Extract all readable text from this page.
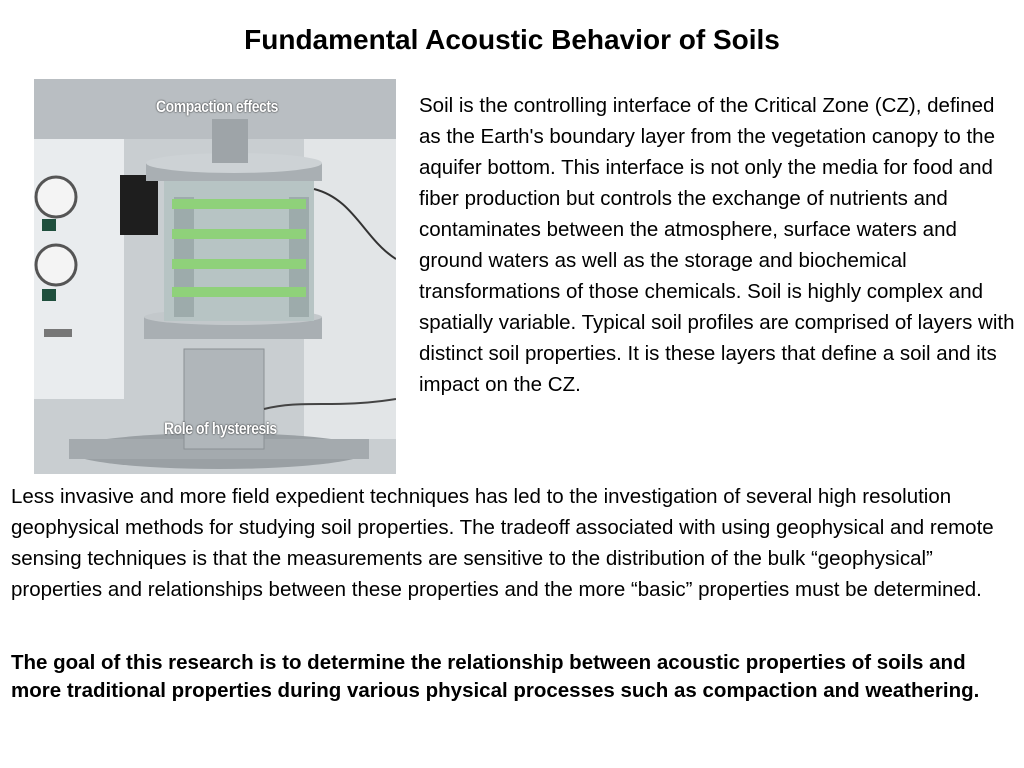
Fundamental Acoustic Behavior of Soils
Compaction effects
Role of hysteresis

Soil is the controlling interface of the Critical Zone (CZ), defined as the Earth's boundary layer from the vegetation canopy to the aquifer bottom. This interface is not only the media for food and fiber production but controls the exchange of nutrients and contaminates between the atmosphere, surface waters and ground waters as well as the storage and biochemical transformations of those chemicals. Soil is highly complex and spatially variable. Typical soil profiles are comprised of layers with distinct soil properties. It is these layers that define a soil and its impact on the CZ.

Less invasive and more field expedient techniques has led to the investigation of several high resolution geophysical methods for studying soil properties. The tradeoff associated with using geophysical and remote sensing techniques is that the measurements are sensitive to the distribution of the bulk “geophysical” properties and relationships between these properties and the more “basic” properties must be determined.

The goal of this research is to determine the relationship between acoustic properties of soils and more traditional properties during various physical processes such as compaction and weathering.
